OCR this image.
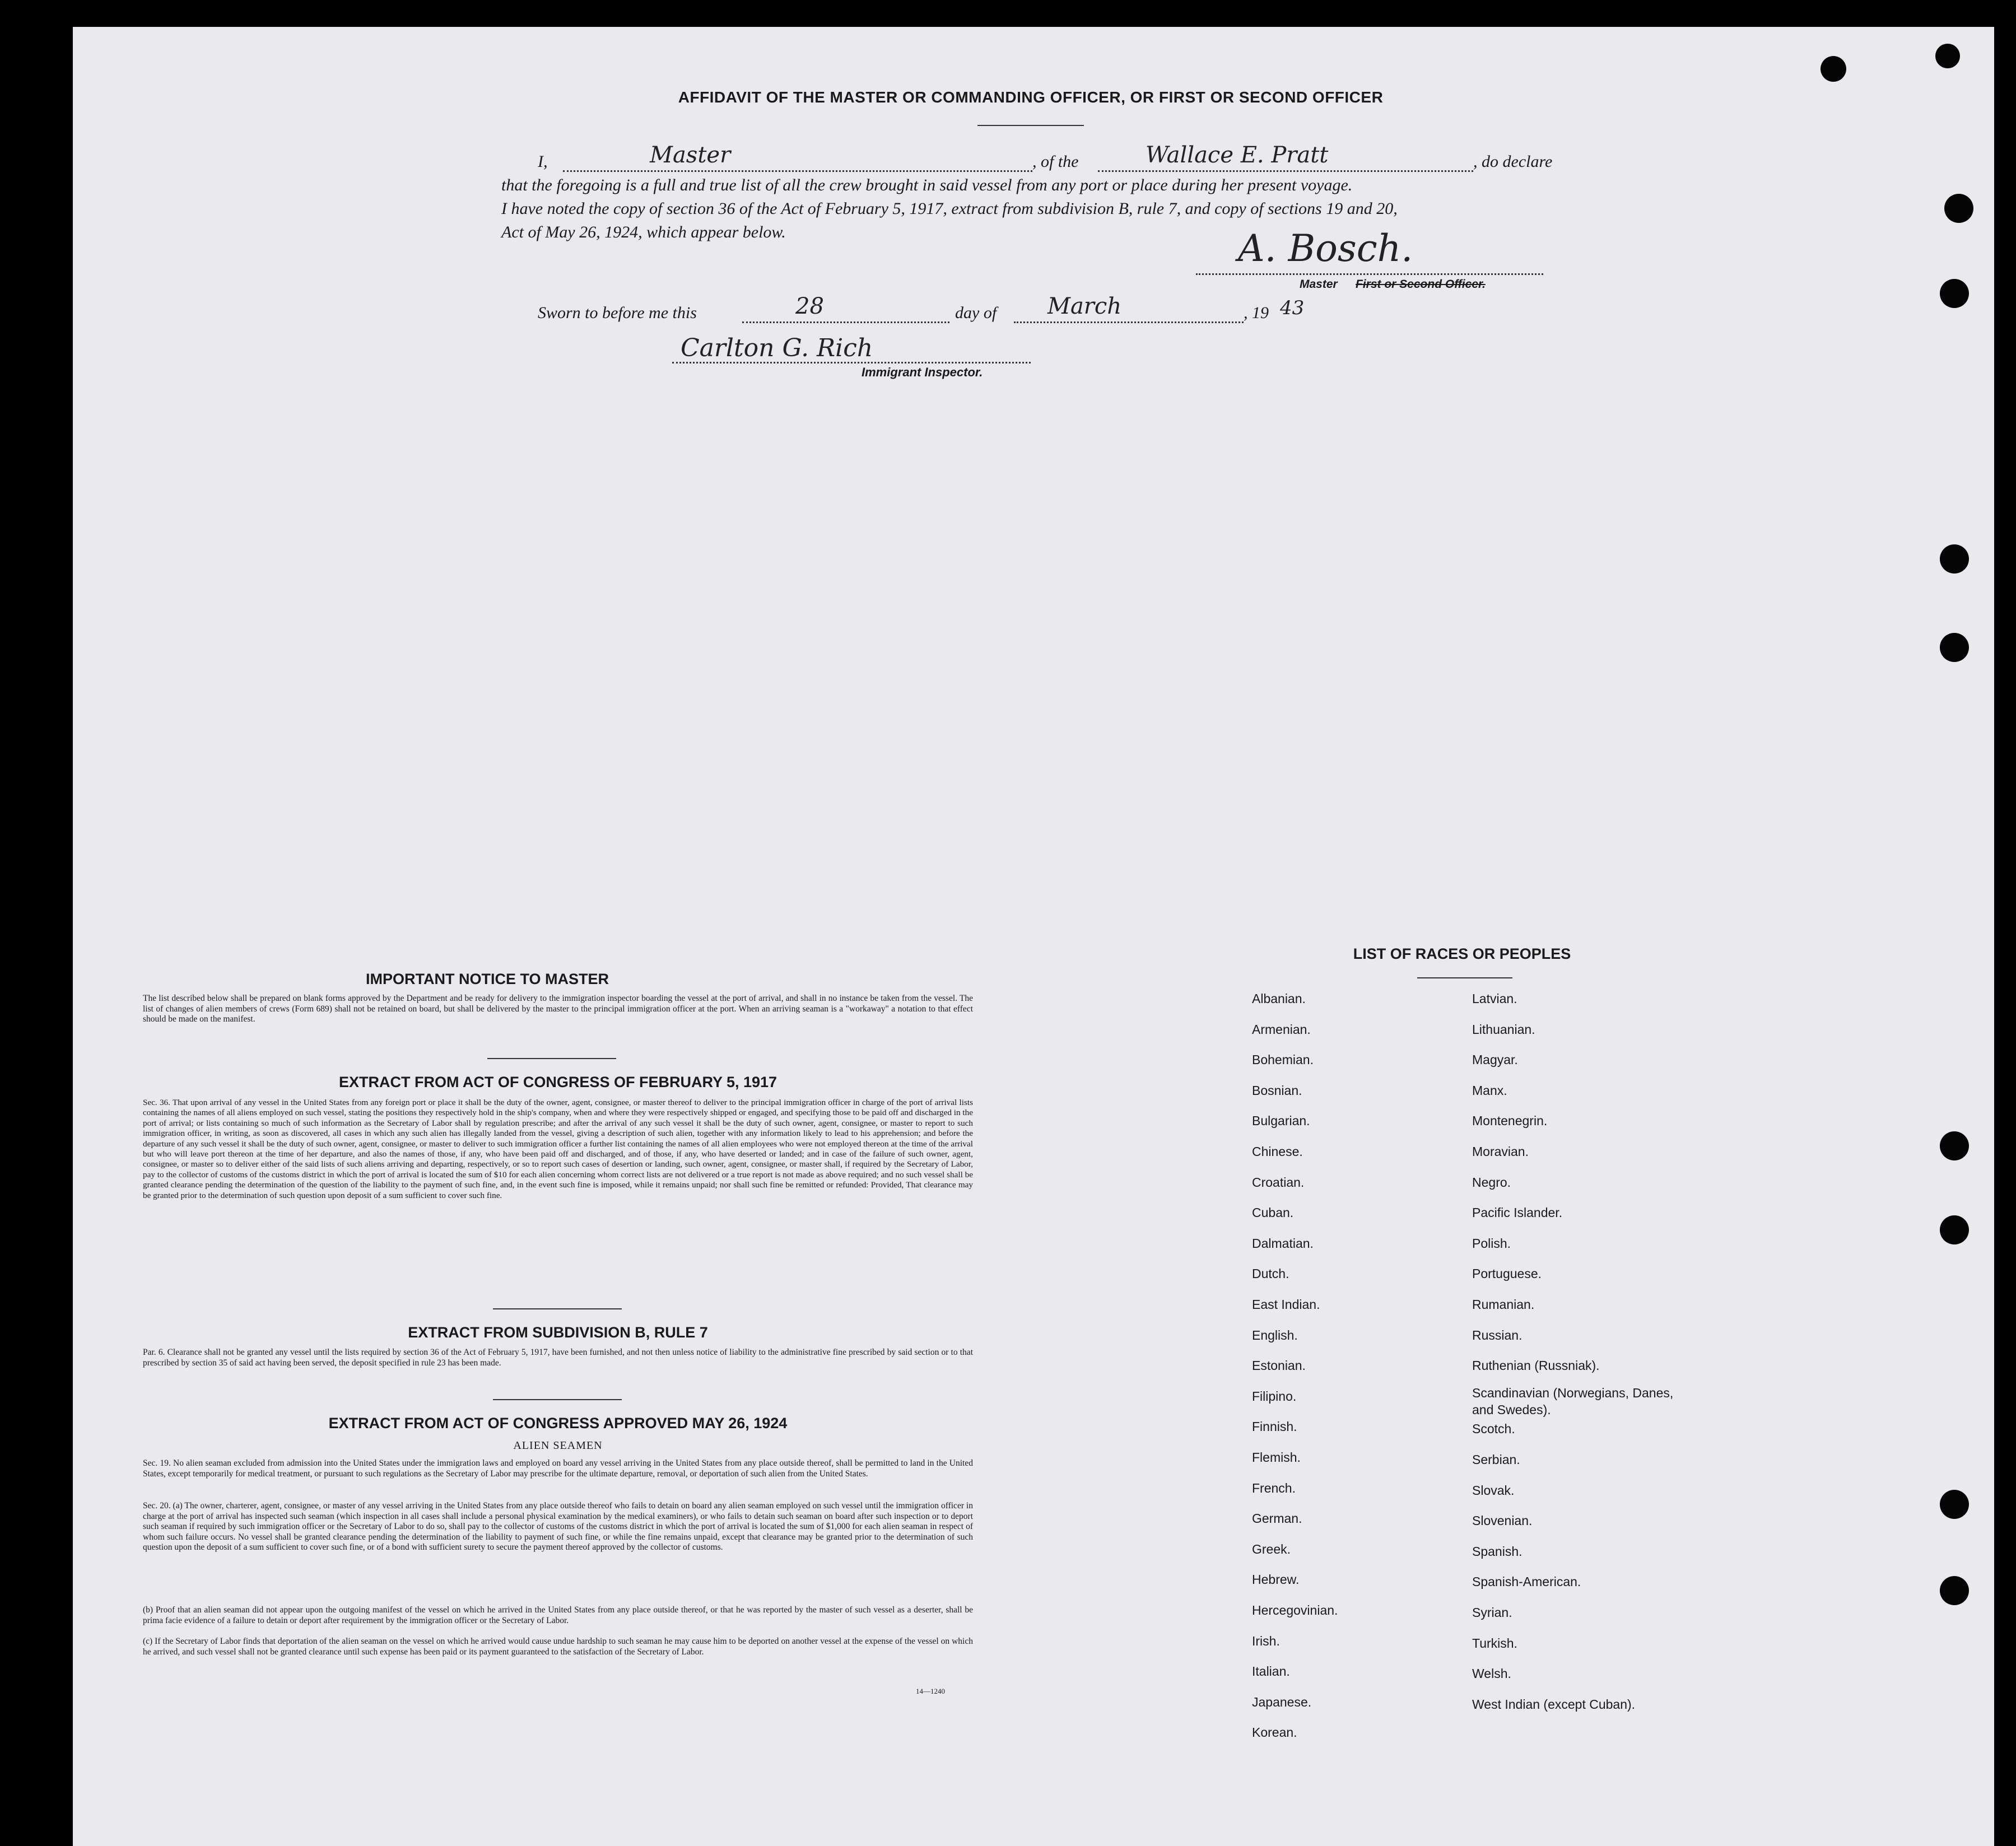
AFFIDAVIT OF THE MASTER OR COMMANDING OFFICER, OR FIRST OR SECOND OFFICER
I,	Master	, of the	Wallace E. Pratt	, do declare
that the foregoing is a full and true list of all the crew brought in said vessel from any port or place during her present voyage.
I have noted the copy of section 36 of the Act of February 5, 1917, extract from subdivision B, rule 7, and copy of sections 19 and 20,
Act of May 26, 1924, which appear below.	A. Bosch.
Master First or Second Officer.
Sworn to before me this	28	day of March	, 19 43
Carlton G. Rich
Immigrant Inspector.
IMPORTANT NOTICE TO MASTER
The list described below shall be prepared on blank forms approved by the Department and be ready for delivery to the immigration inspector boarding the vessel at the port of arrival, and shall in no instance be taken from the vessel. The list of changes of alien members of crews (Form 689) shall not be retained on board, but shall be delivered by the master to the principal immigration officer at the port. When an arriving seaman is a "workaway" a notation to that effect should be made on the manifest.
EXTRACT FROM ACT OF CONGRESS OF FEBRUARY 5, 1917
Sec. 36. That upon arrival of any vessel in the United States from any foreign port or place it shall be the duty of the owner, agent, consignee, or master thereof to deliver to the principal immigration officer in charge of the port of arrival lists containing the names of all aliens employed on such vessel, stating the positions they respectively hold in the ship's company, when and where they were respectively shipped or engaged, and specifying those to be paid off and discharged in the port of arrival; or lists containing so much of such information as the Secretary of Labor shall by regulation prescribe; and after the arrival of any such vessel it shall be the duty of such owner, agent, consignee, or master to report to such immigration officer, in writing, as soon as discovered, all cases in which any such alien has illegally landed from the vessel, giving a description of such alien, together with any information likely to lead to his apprehension; and before the departure of any such vessel it shall be the duty of such owner, agent, consignee, or master to deliver to such immigration officer a further list containing the names of all alien employees who were not employed thereon at the time of the arrival but who will leave port thereon at the time of her departure, and also the names of those, if any, who have been paid off and discharged, and of those, if any, who have deserted or landed; and in case of the failure of such owner, agent, consignee, or master so to deliver either of the said lists of such aliens arriving and departing, respectively, or so to report such cases of desertion or landing, such owner, agent, consignee, or master shall, if required by the Secretary of Labor, pay to the collector of customs of the customs district in which the port of arrival is located the sum of $10 for each alien concerning whom correct lists are not delivered or a true report is not made as above required; and no such vessel shall be granted clearance pending the determination of the question of the liability to the payment of such fine, and, in the event such fine is imposed, while it remains unpaid; nor shall such fine be remitted or refunded: Provided, That clearance may be granted prior to the determination of such question upon deposit of a sum sufficient to cover such fine.
EXTRACT FROM SUBDIVISION B, RULE 7
Par. 6. Clearance shall not be granted any vessel until the lists required by section 36 of the Act of February 5, 1917, have been furnished, and not then unless notice of liability to the administrative fine prescribed by said section or to that prescribed by section 35 of said act having been served, the deposit specified in rule 23 has been made.
EXTRACT FROM ACT OF CONGRESS APPROVED MAY 26, 1924
ALIEN SEAMEN
Sec. 19. No alien seaman excluded from admission into the United States under the immigration laws and employed on board any vessel arriving in the United States from any place outside thereof, shall be permitted to land in the United States, except temporarily for medical treatment, or pursuant to such regulations as the Secretary of Labor may prescribe for the ultimate departure, removal, or deportation of such alien from the United States.
Sec. 20. (a) The owner, charterer, agent, consignee, or master of any vessel arriving in the United States from any place outside thereof who fails to detain on board any alien seaman employed on such vessel until the immigration officer in charge at the port of arrival has inspected such seaman (which inspection in all cases shall include a personal physical examination by the medical examiners), or who fails to detain such seaman on board after such inspection or to deport such seaman if required by such immigration officer or the Secretary of Labor to do so, shall pay to the collector of customs of the customs district in which the port of arrival is located the sum of $1,000 for each alien seaman in respect of whom such failure occurs. No vessel shall be granted clearance pending the determination of the liability to payment of such fine, or while the fine remains unpaid, except that clearance may be granted prior to the determination of such question upon the deposit of a sum sufficient to cover such fine, or of a bond with sufficient surety to secure the payment thereof approved by the collector of customs.
(b) Proof that an alien seaman did not appear upon the outgoing manifest of the vessel on which he arrived in the United States from any place outside thereof, or that he was reported by the master of such vessel as a deserter, shall be prima facie evidence of a failure to detain or deport after requirement by the immigration officer or the Secretary of Labor.
(c) If the Secretary of Labor finds that deportation of the alien seaman on the vessel on which he arrived would cause undue hardship to such seaman he may cause him to be deported on another vessel at the expense of the vessel on which he arrived, and such vessel shall not be granted clearance until such expense has been paid or its payment guaranteed to the satisfaction of the Secretary of Labor.
14—1240
LIST OF RACES OR PEOPLES
Albanian.
Armenian.
Bohemian.
Bosnian.
Bulgarian.
Chinese.
Croatian.
Cuban.
Dalmatian.
Dutch.
East Indian.
English.
Estonian.
Filipino.
Finnish.
Flemish.
French.
German.
Greek.
Hebrew.
Hercegovinian.
Irish.
Italian.
Japanese.
Korean.
Latvian.
Lithuanian.
Magyar.
Manx.
Montenegrin.
Moravian.
Negro.
Pacific Islander.
Polish.
Portuguese.
Rumanian.
Russian.
Ruthenian (Russniak).
Scandinavian (Norwegians, Danes, and Swedes).
Scotch.
Serbian.
Slovak.
Slovenian.
Spanish.
Spanish-American.
Syrian.
Turkish.
Welsh.
West Indian (except Cuban).
